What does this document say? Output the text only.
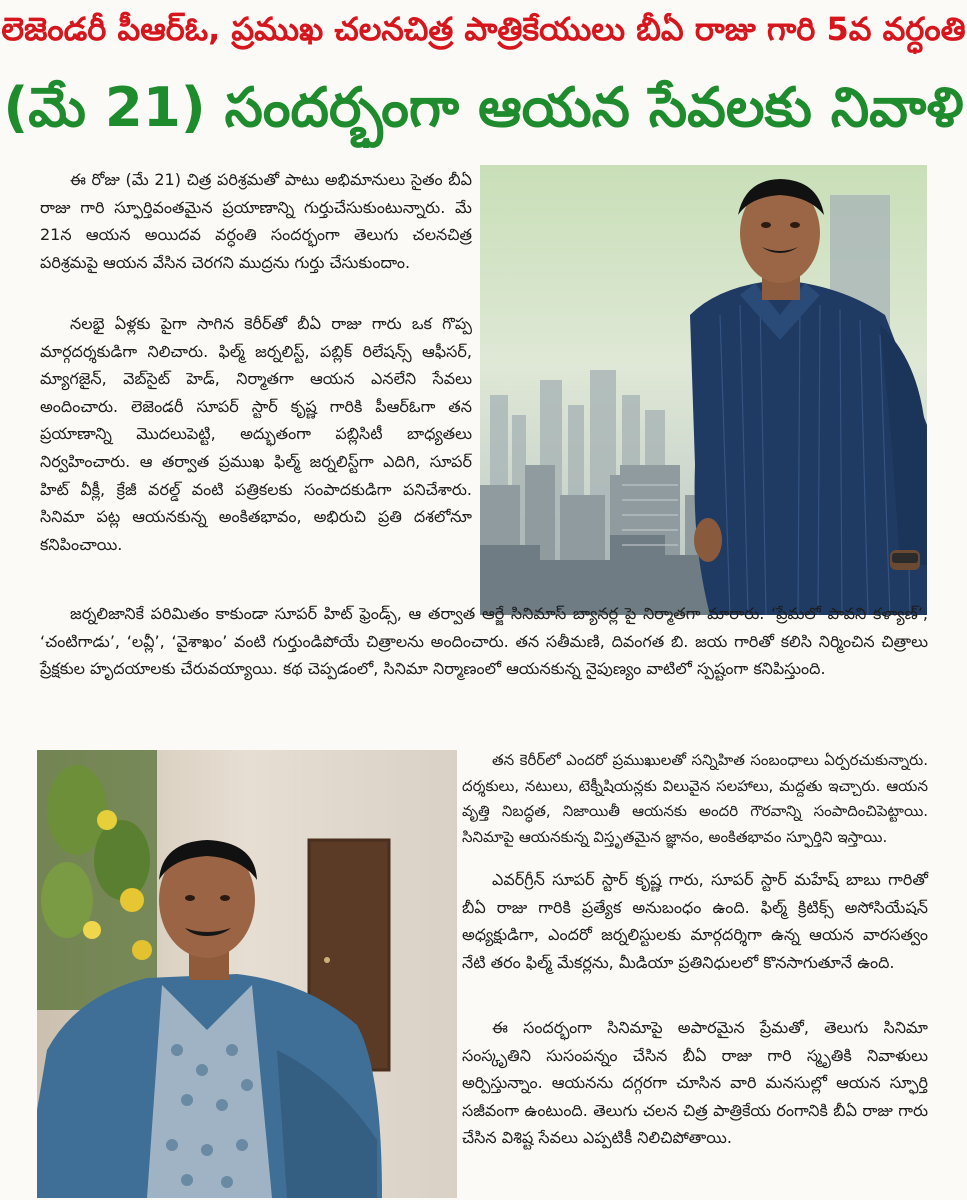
లెజెండరీ పీఆర్ఓ, ప్రముఖ చలనచిత్ర పాత్రికేయులు బీఏ రాజు గారి 5వ వర్ధంతి
(మే 21) సందర్భంగా ఆయన సేవలకు నివాళి

ఈ రోజు (మే 21) చిత్ర పరిశ్రమతో పాటు అభిమానులు సైతం బీఏ రాజు గారి స్ఫూర్తివంతమైన ప్రయాణాన్ని గుర్తుచేసుకుంటున్నారు. మే 21న ఆయన అయిదవ వర్ధంతి సందర్భంగా తెలుగు చలనచిత్ర పరిశ్రమపై ఆయన వేసిన చెరగని ముద్రను గుర్తు చేసుకుందాం.

నలభై ఏళ్లకు పైగా సాగిన కెరీర్‌తో బీఏ రాజు గారు ఒక గొప్ప మార్గదర్శకుడిగా నిలిచారు. ఫిల్మ్ జర్నలిస్ట్, పబ్లిక్ రిలేషన్స్ ఆఫీసర్, మ్యాగజైన్, వెబ్‌సైట్ హెడ్, నిర్మాతగా ఆయన ఎనలేని సేవలు అందించారు. లెజెండరీ సూపర్ స్టార్ కృష్ణ గారికి పీఆర్ఓగా తన ప్రయాణాన్ని మొదలుపెట్టి, అద్భుతంగా పబ్లిసిటీ బాధ్యతలు నిర్వహించారు. ఆ తర్వాత ప్రముఖ ఫిల్మ్ జర్నలిస్ట్‌గా ఎదిగి, సూపర్ హిట్ వీక్లీ, క్రేజీ వరల్డ్ వంటి పత్రికలకు సంపాదకుడిగా పనిచేశారు. సినిమా పట్ల ఆయనకున్న అంకితభావం, అభిరుచి ప్రతి దశలోనూ కనిపించాయి.

జర్నలిజానికే పరిమితం కాకుండా సూపర్ హిట్ ఫ్రెండ్స్, ఆ తర్వాత ఆర్జే సినిమాస్ బ్యానర్ల పై నిర్మాతగా మారారు. ‘ప్రేమలో పావని కళ్యాణ్’, ‘చంటిగాడు’, ‘లవ్లీ’, ‘వైశాఖం’ వంటి గుర్తుండిపోయే చిత్రాలను అందించారు. తన సతీమణి, దివంగత బి. జయ గారితో కలిసి నిర్మించిన చిత్రాలు ప్రేక్షకుల హృదయాలకు చేరువయ్యాయి. కథ చెప్పడంలో, సినిమా నిర్మాణంలో ఆయనకున్న నైపుణ్యం వాటిలో స్పష్టంగా కనిపిస్తుంది.

తన కెరీర్‌లో ఎందరో ప్రముఖులతో సన్నిహిత సంబంధాలు ఏర్పరచుకున్నారు. దర్శకులు, నటులు, టెక్నీషియన్లకు విలువైన సలహాలు, మద్దతు ఇచ్చారు. ఆయన వృత్తి నిబద్ధత, నిజాయితీ ఆయనకు అందరి గౌరవాన్ని సంపాదించిపెట్టాయి. సినిమాపై ఆయనకున్న విస్తృతమైన జ్ఞానం, అంకితభావం స్ఫూర్తిని ఇస్తాయి.

ఎవర్‌గ్రీన్ సూపర్ స్టార్ కృష్ణ గారు, సూపర్ స్టార్ మహేష్ బాబు గారితో బీఏ రాజు గారికి ప్రత్యేక అనుబంధం ఉంది. ఫిల్మ్ క్రిటిక్స్ అసోసియేషన్ అధ్యక్షుడిగా, ఎందరో జర్నలిస్టులకు మార్గదర్శిగా ఉన్న ఆయన వారసత్వం నేటి తరం ఫిల్మ్ మేకర్లను, మీడియా ప్రతినిధులలో కొనసాగుతూనే ఉంది.

ఈ సందర్భంగా సినిమాపై అపారమైన ప్రేమతో, తెలుగు సినిమా సంస్కృతిని సుసంపన్నం చేసిన బీఏ రాజు గారి స్మృతికి నివాళులు అర్పిస్తున్నాం. ఆయనను దగ్గరగా చూసిన వారి మనసుల్లో ఆయన స్ఫూర్తి సజీవంగా ఉంటుంది. తెలుగు చలన చిత్ర పాత్రికేయ రంగానికి బీఏ రాజు గారు చేసిన విశిష్ట సేవలు ఎప్పటికీ నిలిచిపోతాయి.
